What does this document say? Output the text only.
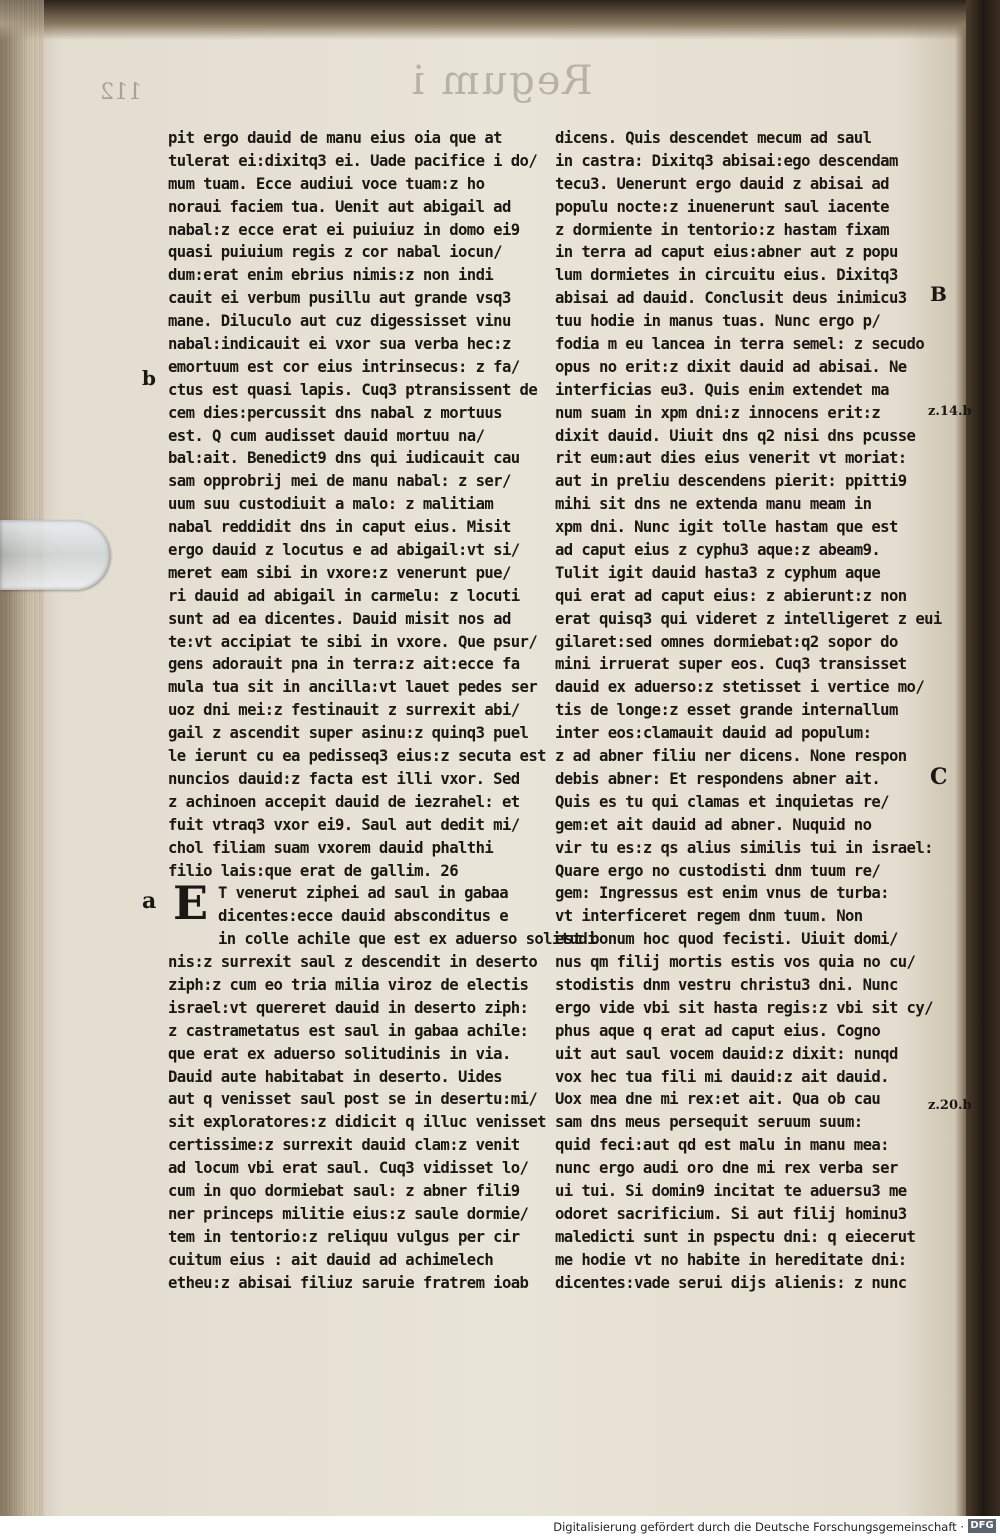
112	Regum i
b
a
B
z.14.b
C
z.20.b
pit ergo dauid de manu eius oia que at
tulerat ei:dixitq3 ei. Uade pacifice i do/
mum tuam. Ecce audiui voce tuam:z ho
noraui faciem tua. Uenit aut abigail ad
nabal:z ecce erat ei puiuiuz in domo ei9
quasi puiuium regis z cor nabal iocun/
dum:erat enim ebrius nimis:z non indi
cauit ei verbum pusillu aut grande vsq3
mane. Diluculo aut cuz digessisset vinu
nabal:indicauit ei vxor sua verba hec:z
emortuum est cor eius intrinsecus: z fa/
ctus est quasi lapis. Cuq3 ptransissent de
cem dies:percussit dns nabal z mortuus
est. Q cum audisset dauid mortuu na/
bal:ait. Benedict9 dns qui iudicauit cau
sam opprobrij mei de manu nabal: z ser/
uum suu custodiuit a malo: z malitiam
nabal reddidit dns in caput eius. Misit
ergo dauid z locutus e ad abigail:vt si/
meret eam sibi in vxore:z venerunt pue/
ri dauid ad abigail in carmelu: z locuti
sunt ad ea dicentes. Dauid misit nos ad
te:vt accipiat te sibi in vxore. Que psur/
gens adorauit pna in terra:z ait:ecce fa
mula tua sit in ancilla:vt lauet pedes ser
uoz dni mei:z festinauit z surrexit abi/
gail z ascendit super asinu:z quinq3 puel
le ierunt cu ea pedisseq3 eius:z secuta est
nuncios dauid:z facta est illi vxor. Sed
z achinoen accepit dauid de iezrahel: et
fuit vtraq3 vxor ei9. Saul aut dedit mi/
chol filiam suam vxorem dauid phalthi
filio lais:que erat de gallim. 26
T venerut ziphei ad saul in gabaa
dicentes:ecce dauid absconditus e
in colle achile que est ex aduerso solitudi
nis:z surrexit saul z descendit in deserto
ziph:z cum eo tria milia viroz de electis
israel:vt quereret dauid in deserto ziph:
z castrametatus est saul in gabaa achile:
que erat ex aduerso solitudinis in via.
Dauid aute habitabat in deserto. Uides
aut q venisset saul post se in desertu:mi/
sit exploratores:z didicit q illuc venisset
certissime:z surrexit dauid clam:z venit
ad locum vbi erat saul. Cuq3 vidisset lo/
cum in quo dormiebat saul: z abner fili9
ner princeps militie eius:z saule dormie/
tem in tentorio:z reliquu vulgus per cir
cuitum eius : ait dauid ad achimelech
etheu:z abisai filiuz saruie fratrem ioab
E
dicens. Quis descendet mecum ad saul
in castra: Dixitq3 abisai:ego descendam
tecu3. Uenerunt ergo dauid z abisai ad
populu nocte:z inuenerunt saul iacente
z dormiente in tentorio:z hastam fixam
in terra ad caput eius:abner aut z popu
lum dormietes in circuitu eius. Dixitq3
abisai ad dauid. Conclusit deus inimicu3
tuu hodie in manus tuas. Nunc ergo p/
fodia m eu lancea in terra semel: z secudo
opus no erit:z dixit dauid ad abisai. Ne
interficias eu3. Quis enim extendet ma
num suam in xpm dni:z innocens erit:z
dixit dauid. Uiuit dns q2 nisi dns pcusse
rit eum:aut dies eius venerit vt moriat:
aut in preliu descendens pierit: ppitti9
mihi sit dns ne extenda manu meam in
xpm dni. Nunc igit tolle hastam que est
ad caput eius z cyphu3 aque:z abeam9.
Tulit igit dauid hasta3 z cyphum aque
qui erat ad caput eius: z abierunt:z non
erat quisq3 qui videret z intelligeret z eui
gilaret:sed omnes dormiebat:q2 sopor do
mini irruerat super eos. Cuq3 transisset
dauid ex aduerso:z stetisset i vertice mo/
tis de longe:z esset grande internallum
inter eos:clamauit dauid ad populum:
z ad abner filiu ner dicens. None respon
debis abner: Et respondens abner ait.
Quis es tu qui clamas et inquietas re/
gem:et ait dauid ad abner. Nuquid no
vir tu es:z qs alius similis tui in israel:
Quare ergo no custodisti dnm tuum re/
gem: Ingressus est enim vnus de turba:
vt interficeret regem dnm tuum. Non
est bonum hoc quod fecisti. Uiuit domi/
nus qm filij mortis estis vos quia no cu/
stodistis dnm vestru christu3 dni. Nunc
ergo vide vbi sit hasta regis:z vbi sit cy/
phus aque q erat ad caput eius. Cogno
uit aut saul vocem dauid:z dixit: nunqd
vox hec tua fili mi dauid:z ait dauid.
Uox mea dne mi rex:et ait. Qua ob cau
sam dns meus persequit seruum suum:
quid feci:aut qd est malu in manu mea:
nunc ergo audi oro dne mi rex verba ser
ui tui. Si domin9 incitat te aduersu3 me
odoret sacrificium. Si aut filij hominu3
maledicti sunt in pspectu dni: q eiecerut
me hodie vt no habite in hereditate dni:
dicentes:vade serui dijs alienis: z nunc
Digitalisierung gefördert durch die Deutsche Forschungsgemeinschaft · DFG
